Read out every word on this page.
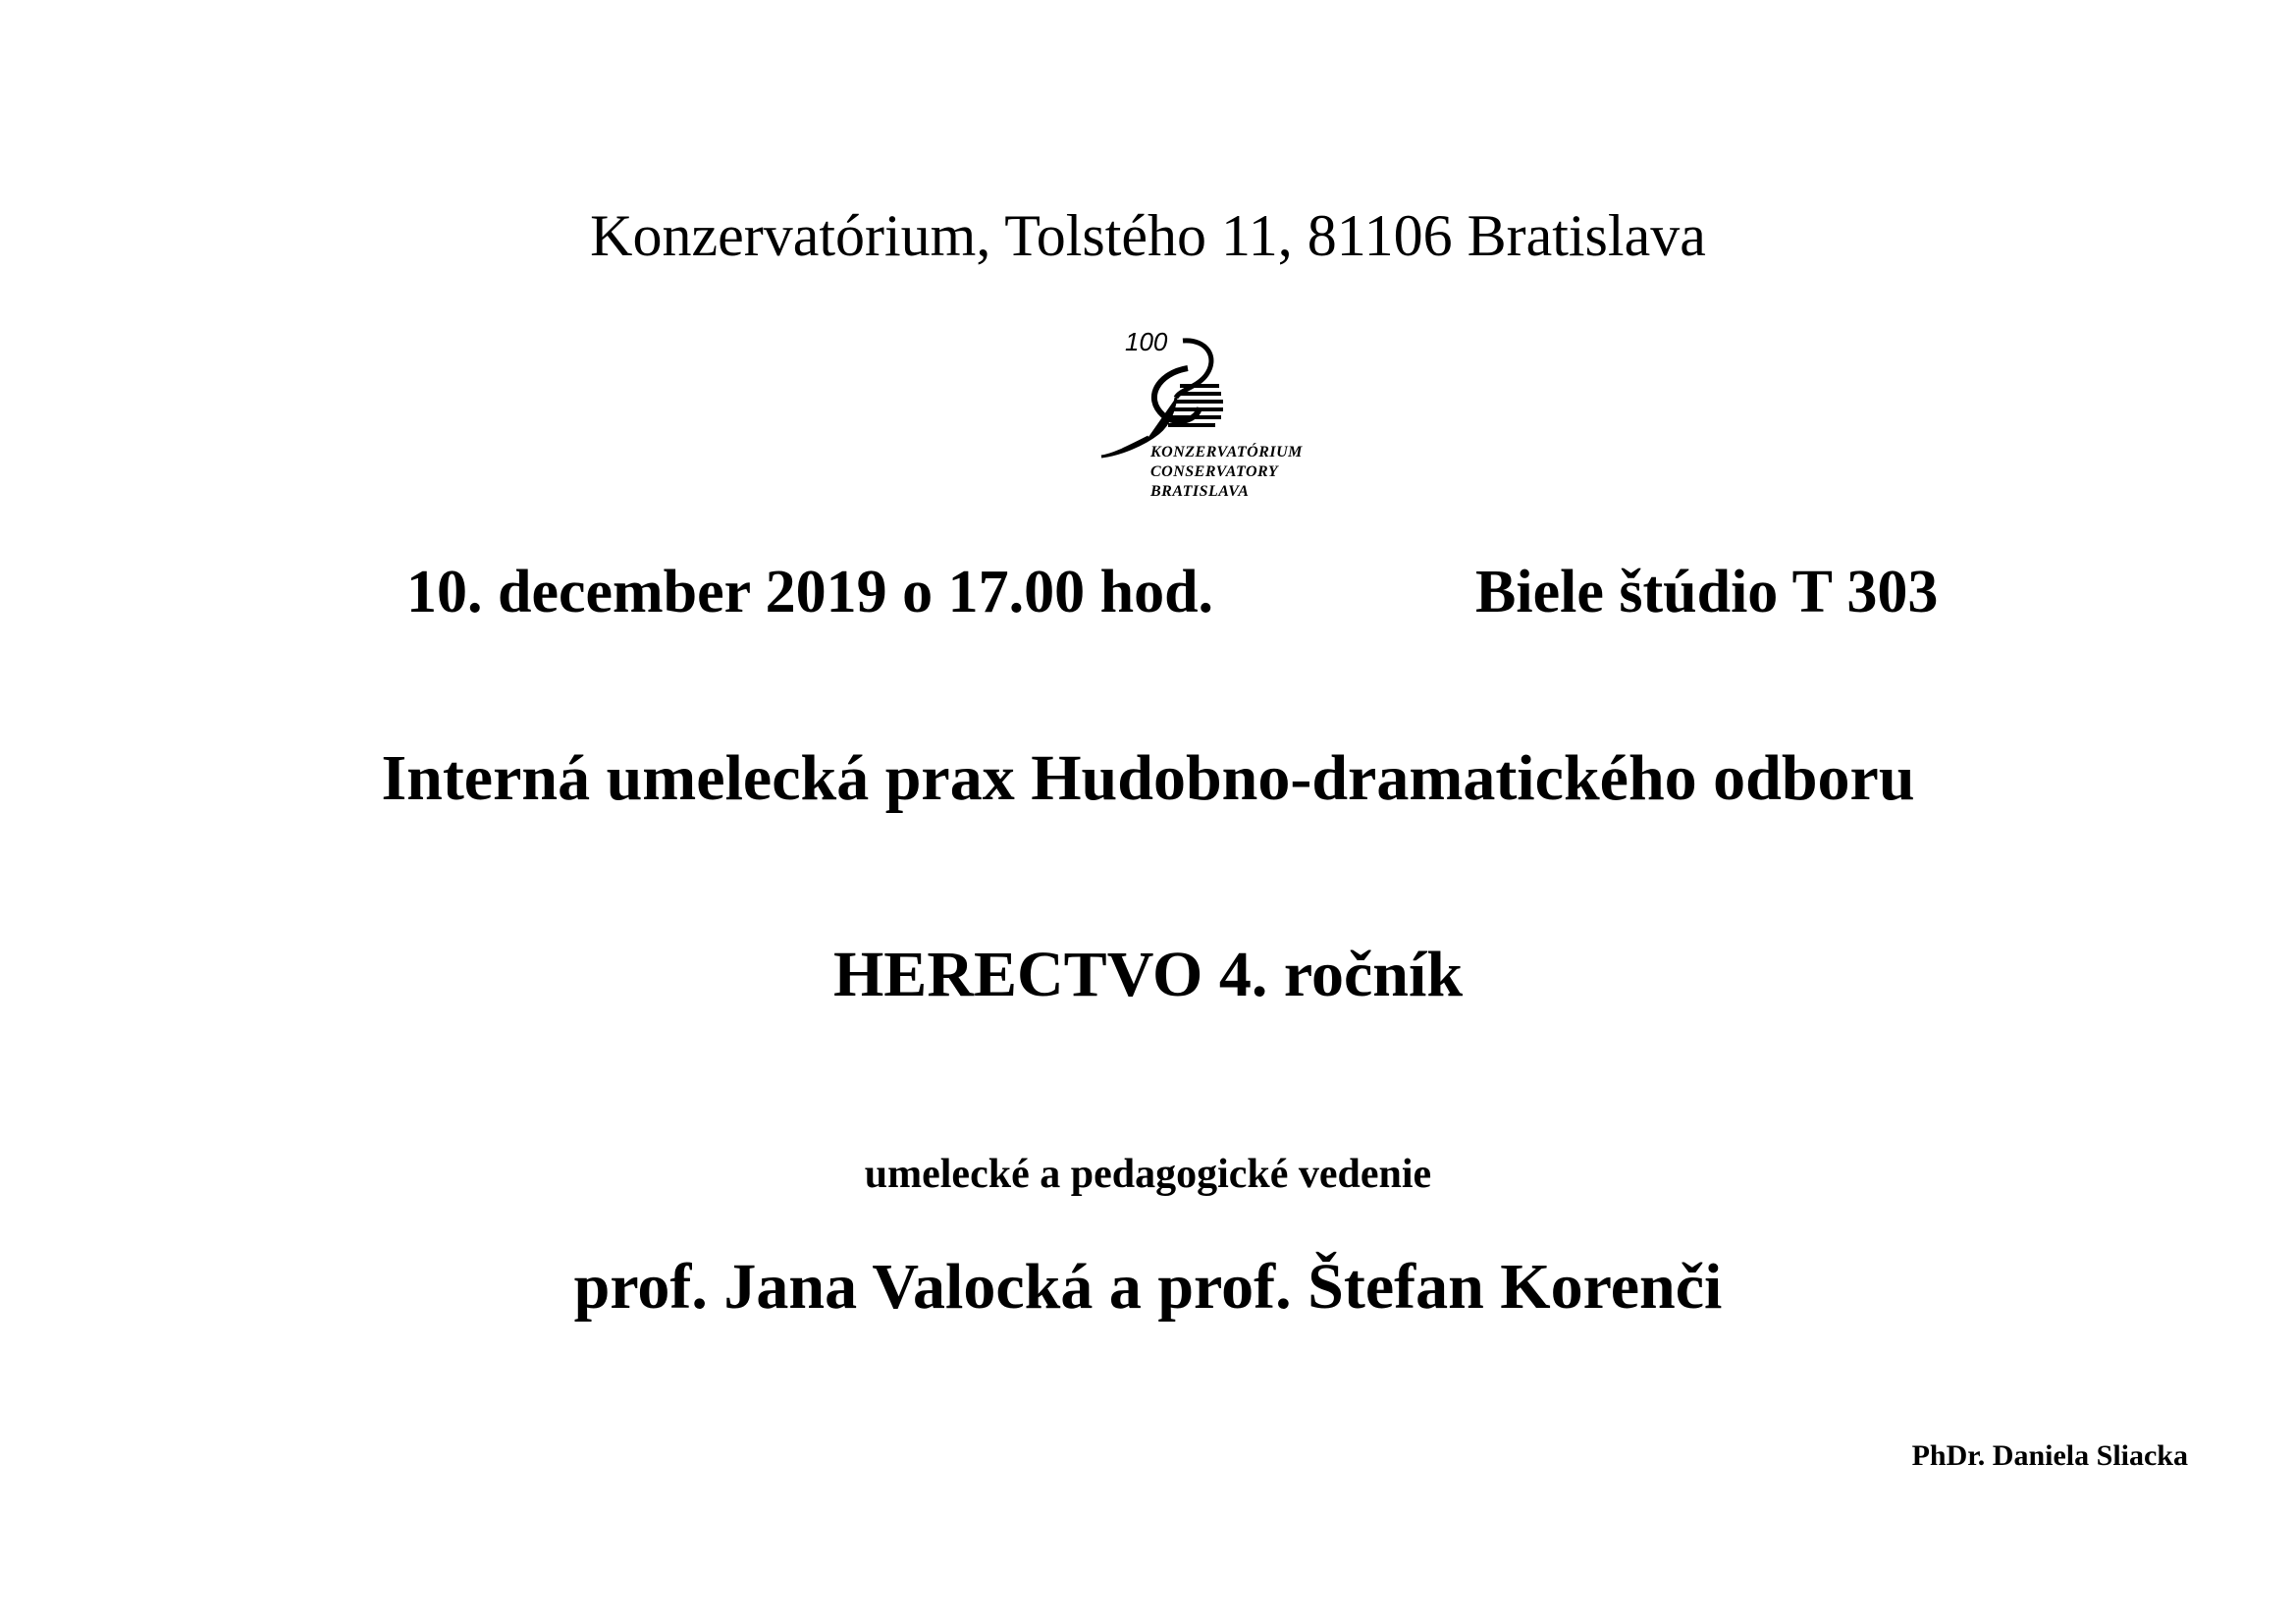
Konzervatórium, Tolstého 11, 81106 Bratislava
100
KONZERVATÓRIUM
CONSERVATORY
BRATISLAVA
10. december 2019 o 17.00 hod.	Biele štúdio T 303
Interná umelecká prax Hudobno-dramatického odboru
HERECTVO 4. ročník
umelecké a pedagogické vedenie
prof. Jana Valocká a prof. Štefan Korenči
PhDr. Daniela Sliacka
